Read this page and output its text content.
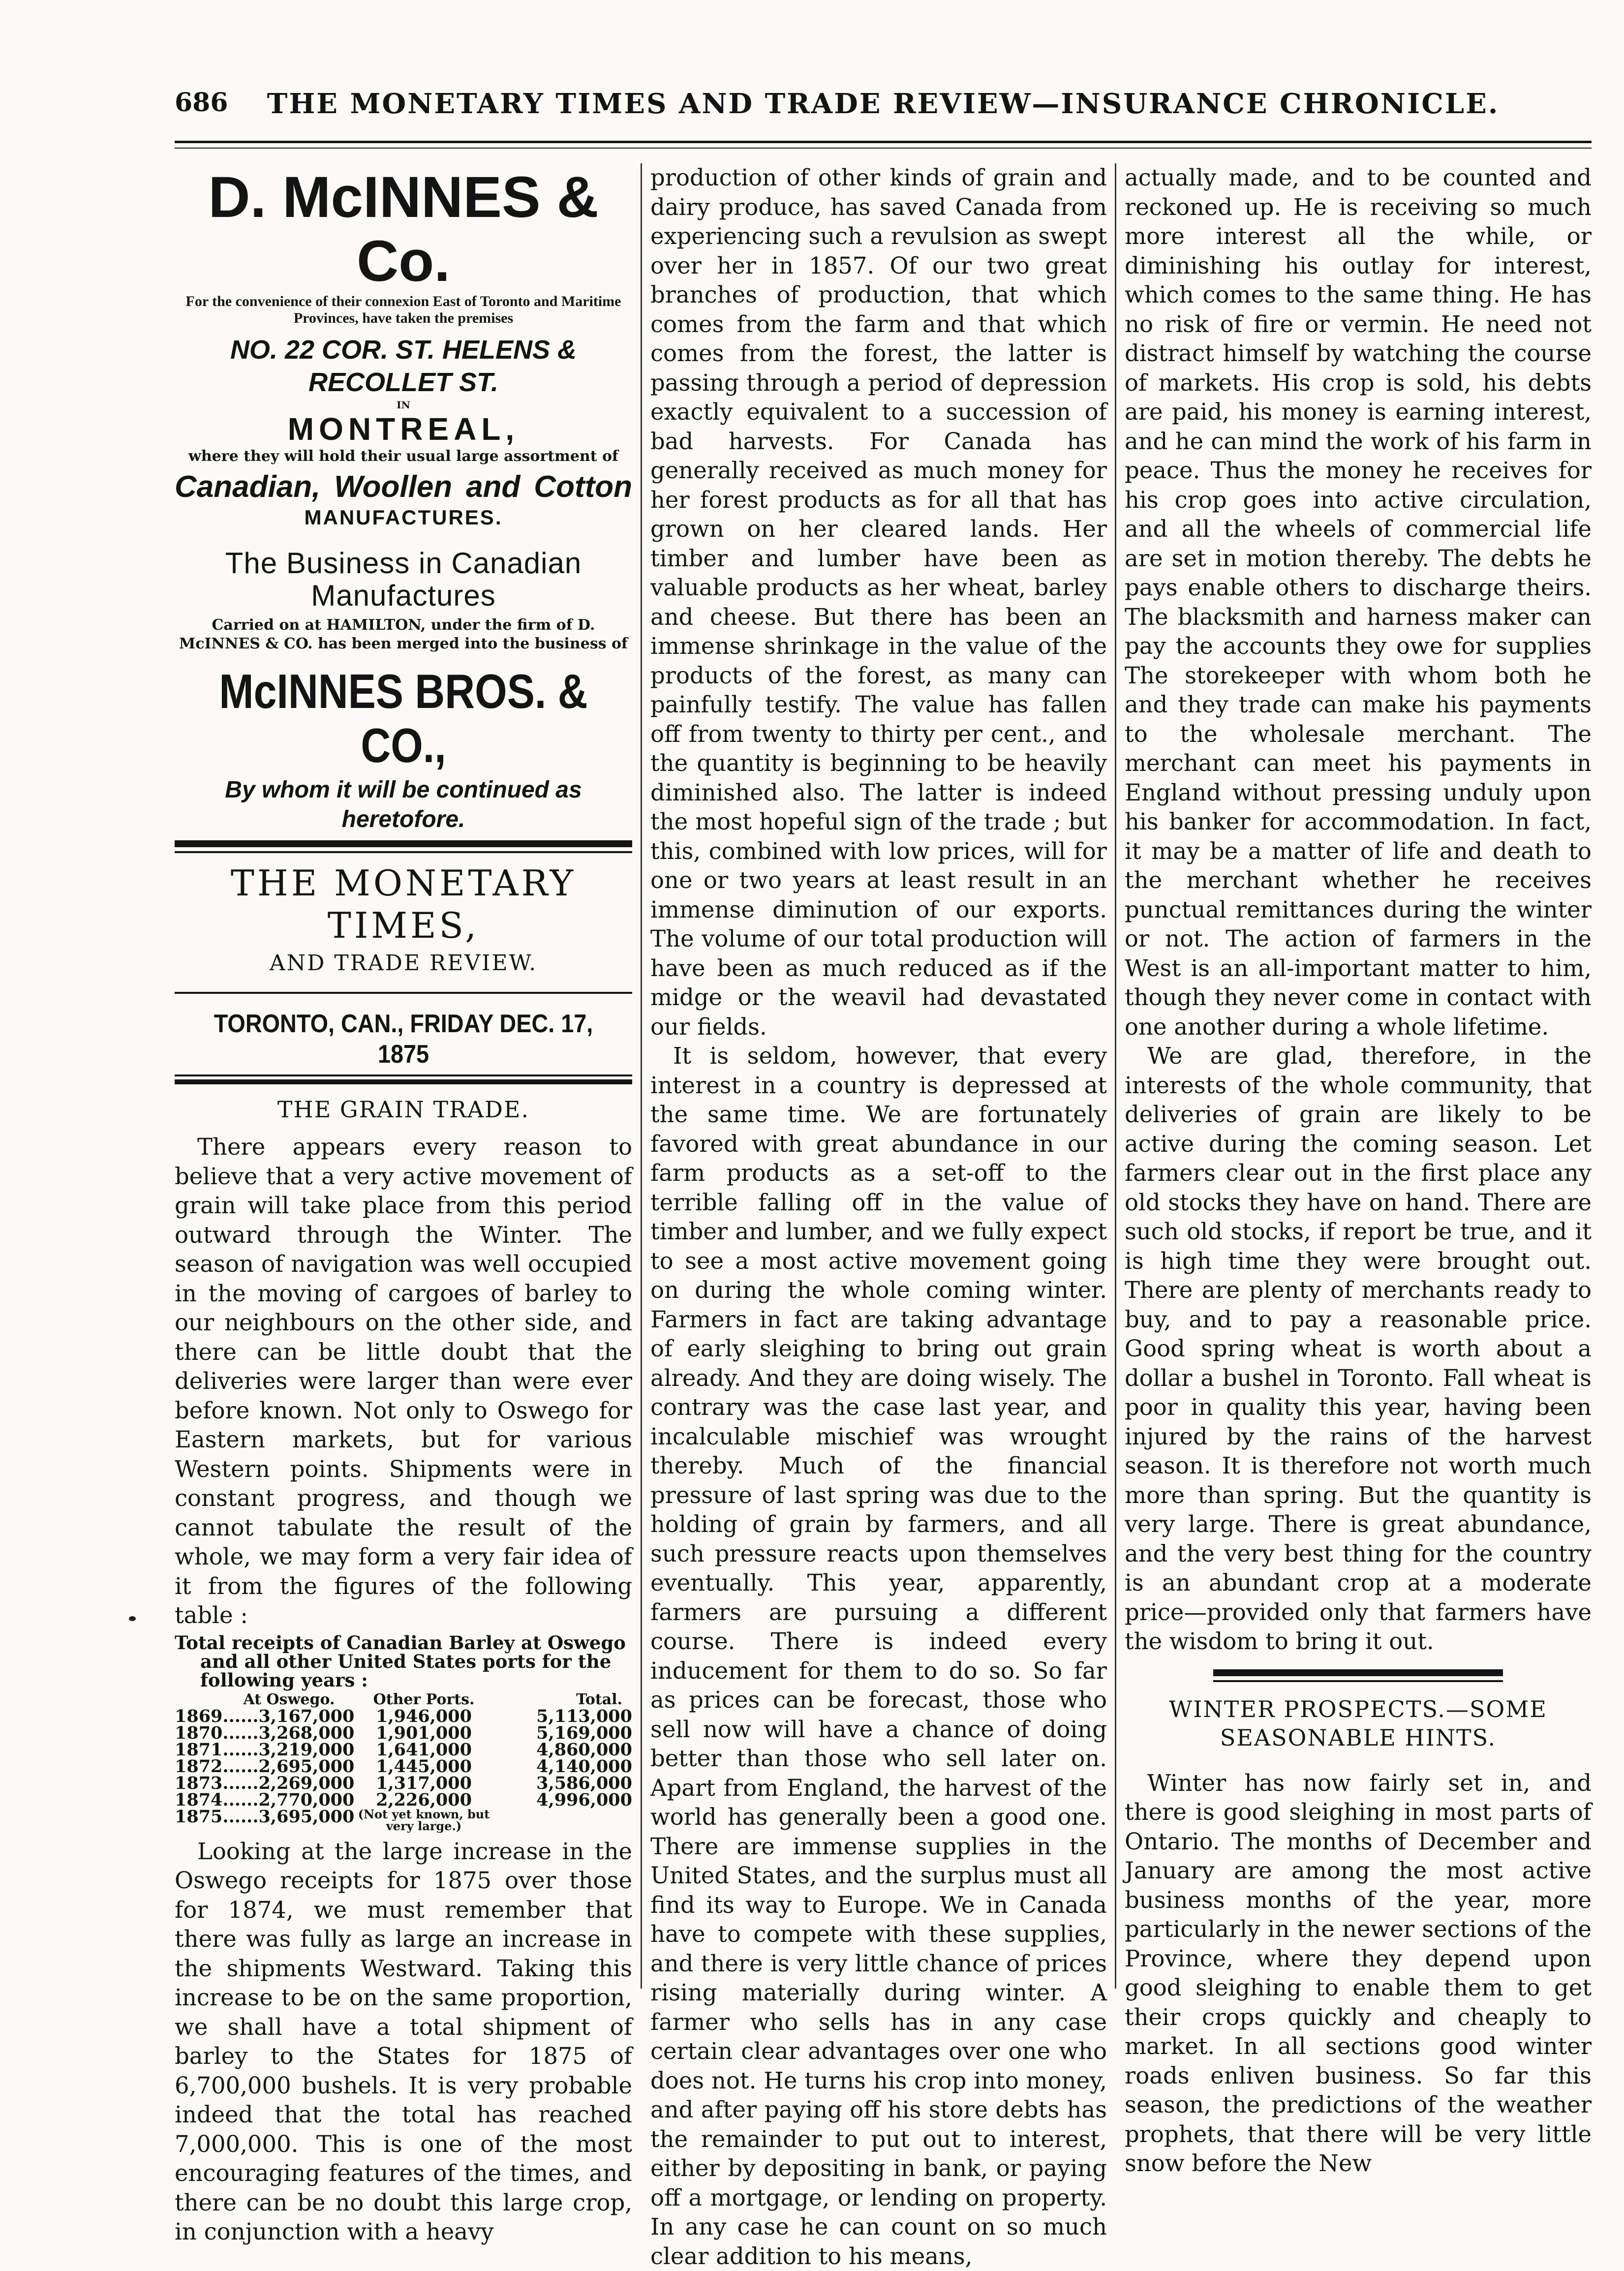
686	THE MONETARY TIMES AND TRADE REVIEW—INSURANCE CHRONICLE.
D. McINNES & Co.
For the convenience of their connexion East of Toronto and Maritime Provinces, have taken the premises
NO. 22 COR. ST. HELENS & RECOLLET ST.
IN
MONTREAL,
where they will hold their usual large assortment of
Canadian, Woollen and Cotton
MANUFACTURES.
The Business in Canadian Manufactures
Carried on at HAMILTON, under the firm of D. McINNES & CO. has been merged into the business of
McINNES BROS. & CO.,
By whom it will be continued as heretofore.
THE MONETARY TIMES,
AND TRADE REVIEW.
TORONTO, CAN., FRIDAY DEC. 17, 1875
THE GRAIN TRADE.

There appears every reason to believe that a very active movement of grain will take place from this period outward through the Winter. The season of navigation was well occupied in the moving of cargoes of barley to our neighbours on the other side, and there can be little doubt that the deliveries were larger than were ever before known. Not only to Oswego for Eastern markets, but for various Western points. Shipments were in constant progress, and though we cannot tabulate the result of the whole, we may form a very fair idea of it from the figures of the following table :

Total receipts of Canadian Barley at Oswego
and all other United States ports for the following years :
At Oswego.	Other Ports.	Total.
1869......3,167,000	1,946,000	5,113,000
1870......3,268,000	1,901,000	5,169,000
1871......3,219,000	1,641,000	4,860,000
1872......2,695,000	1,445,000	4,140,000
1873......2,269,000	1,317,000	3,586,000
1874......2,770,000	2,226,000	4,996,000
1875......3,695,000	(Not yet known, but very large.)	

Looking at the large increase in the Oswego receipts for 1875 over those for 1874, we must remember that there was fully as large an increase in the shipments Westward. Taking this increase to be on the same proportion, we shall have a total shipment of barley to the States for 1875 of 6,700,000 bushels. It is very probable indeed that the total has reached 7,000,000. This is one of the most encouraging features of the times, and there can be no doubt this large crop, in conjunction with a heavy

production of other kinds of grain and dairy produce, has saved Canada from experiencing such a revulsion as swept over her in 1857. Of our two great branches of production, that which comes from the farm and that which comes from the forest, the latter is passing through a period of depression exactly equivalent to a succession of bad harvests. For Canada has generally received as much money for her forest products as for all that has grown on her cleared lands. Her timber and lumber have been as valuable products as her wheat, barley and cheese. But there has been an immense shrinkage in the value of the products of the forest, as many can painfully testify. The value has fallen off from twenty to thirty per cent., and the quantity is beginning to be heavily diminished also. The latter is indeed the most hopeful sign of the trade ; but this, combined with low prices, will for one or two years at least result in an immense diminution of our exports. The volume of our total production will have been as much reduced as if the midge or the weavil had devastated our fields.

It is seldom, however, that every interest in a country is depressed at the same time. We are fortunately favored with great abundance in our farm products as a set-off to the terrible falling off in the value of timber and lumber, and we fully expect to see a most active movement going on during the whole coming winter. Farmers in fact are taking advantage of early sleighing to bring out grain already. And they are doing wisely. The contrary was the case last year, and incalculable mischief was wrought thereby. Much of the financial pressure of last spring was due to the holding of grain by farmers, and all such pressure reacts upon themselves eventually. This year, apparently, farmers are pursuing a different course. There is indeed every inducement for them to do so. So far as prices can be forecast, those who sell now will have a chance of doing better than those who sell later on. Apart from England, the harvest of the world has generally been a good one. There are immense supplies in the United States, and the surplus must all find its way to Europe. We in Canada have to compete with these supplies, and there is very little chance of prices rising materially during winter. A farmer who sells has in any case certain clear advantages over one who does not. He turns his crop into money, and after paying off his store debts has the remainder to put out to interest, either by depositing in bank, or paying off a mortgage, or lending on property. In any case he can count on so much clear addition to his means,

actually made, and to be counted and reckoned up. He is receiving so much more interest all the while, or diminishing his outlay for interest, which comes to the same thing. He has no risk of fire or vermin. He need not distract himself by watching the course of markets. His crop is sold, his debts are paid, his money is earning interest, and he can mind the work of his farm in peace. Thus the money he receives for his crop goes into active circulation, and all the wheels of commercial life are set in motion thereby. The debts he pays enable others to discharge theirs. The blacksmith and harness maker can pay the accounts they owe for supplies The storekeeper with whom both he and they trade can make his payments to the wholesale merchant. The merchant can meet his payments in England without pressing unduly upon his banker for accommodation. In fact, it may be a matter of life and death to the merchant whether he receives punctual remittances during the winter or not. The action of farmers in the West is an all-important matter to him, though they never come in contact with one another during a whole lifetime.

We are glad, therefore, in the interests of the whole community, that deliveries of grain are likely to be active during the coming season. Let farmers clear out in the first place any old stocks they have on hand. There are such old stocks, if report be true, and it is high time they were brought out. There are plenty of merchants ready to buy, and to pay a reasonable price. Good spring wheat is worth about a dollar a bushel in Toronto. Fall wheat is poor in quality this year, having been injured by the rains of the harvest season. It is therefore not worth much more than spring. But the quantity is very large. There is great abundance, and the very best thing for the country is an abundant crop at a moderate price—provided only that farmers have the wisdom to bring it out.

WINTER PROSPECTS.—SOME SEASONABLE HINTS.

Winter has now fairly set in, and there is good sleighing in most parts of Ontario. The months of December and January are among the most active business months of the year, more particularly in the newer sections of the Province, where they depend upon good sleighing to enable them to get their crops quickly and cheaply to market. In all sections good winter roads enliven business. So far this season, the predictions of the weather prophets, that there will be very little snow before the New
